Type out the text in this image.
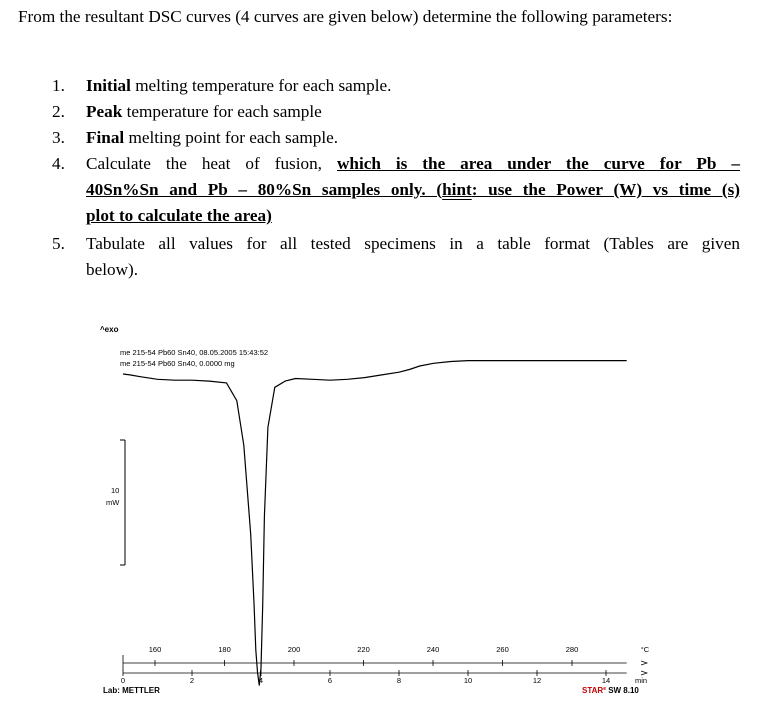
From the resultant DSC curves (4 curves are given below) determine the following parameters:
1. Initial melting temperature for each sample.
2. Peak temperature for each sample
3. Final melting point for each sample.
4. Calculate the heat of fusion, which is the area under the curve for Pb –
40Sn%Sn and Pb – 80%Sn samples only. (hint: use the Power (W) vs time (s)
plot to calculate the area)
5. Tabulate all values for all tested specimens in a table format (Tables are given
below).
^exo
me 215-54 Pb60 Sn40, 08.05.2005 15:43:52
me 215-54 Pb60 Sn40, 0.0000 mg
10
mW
160	180	200	220	240	260	280	°C
0	2	4	6	8	10	12	14	min
Lab: METTLER	STAR$^e$ SW 8.10
